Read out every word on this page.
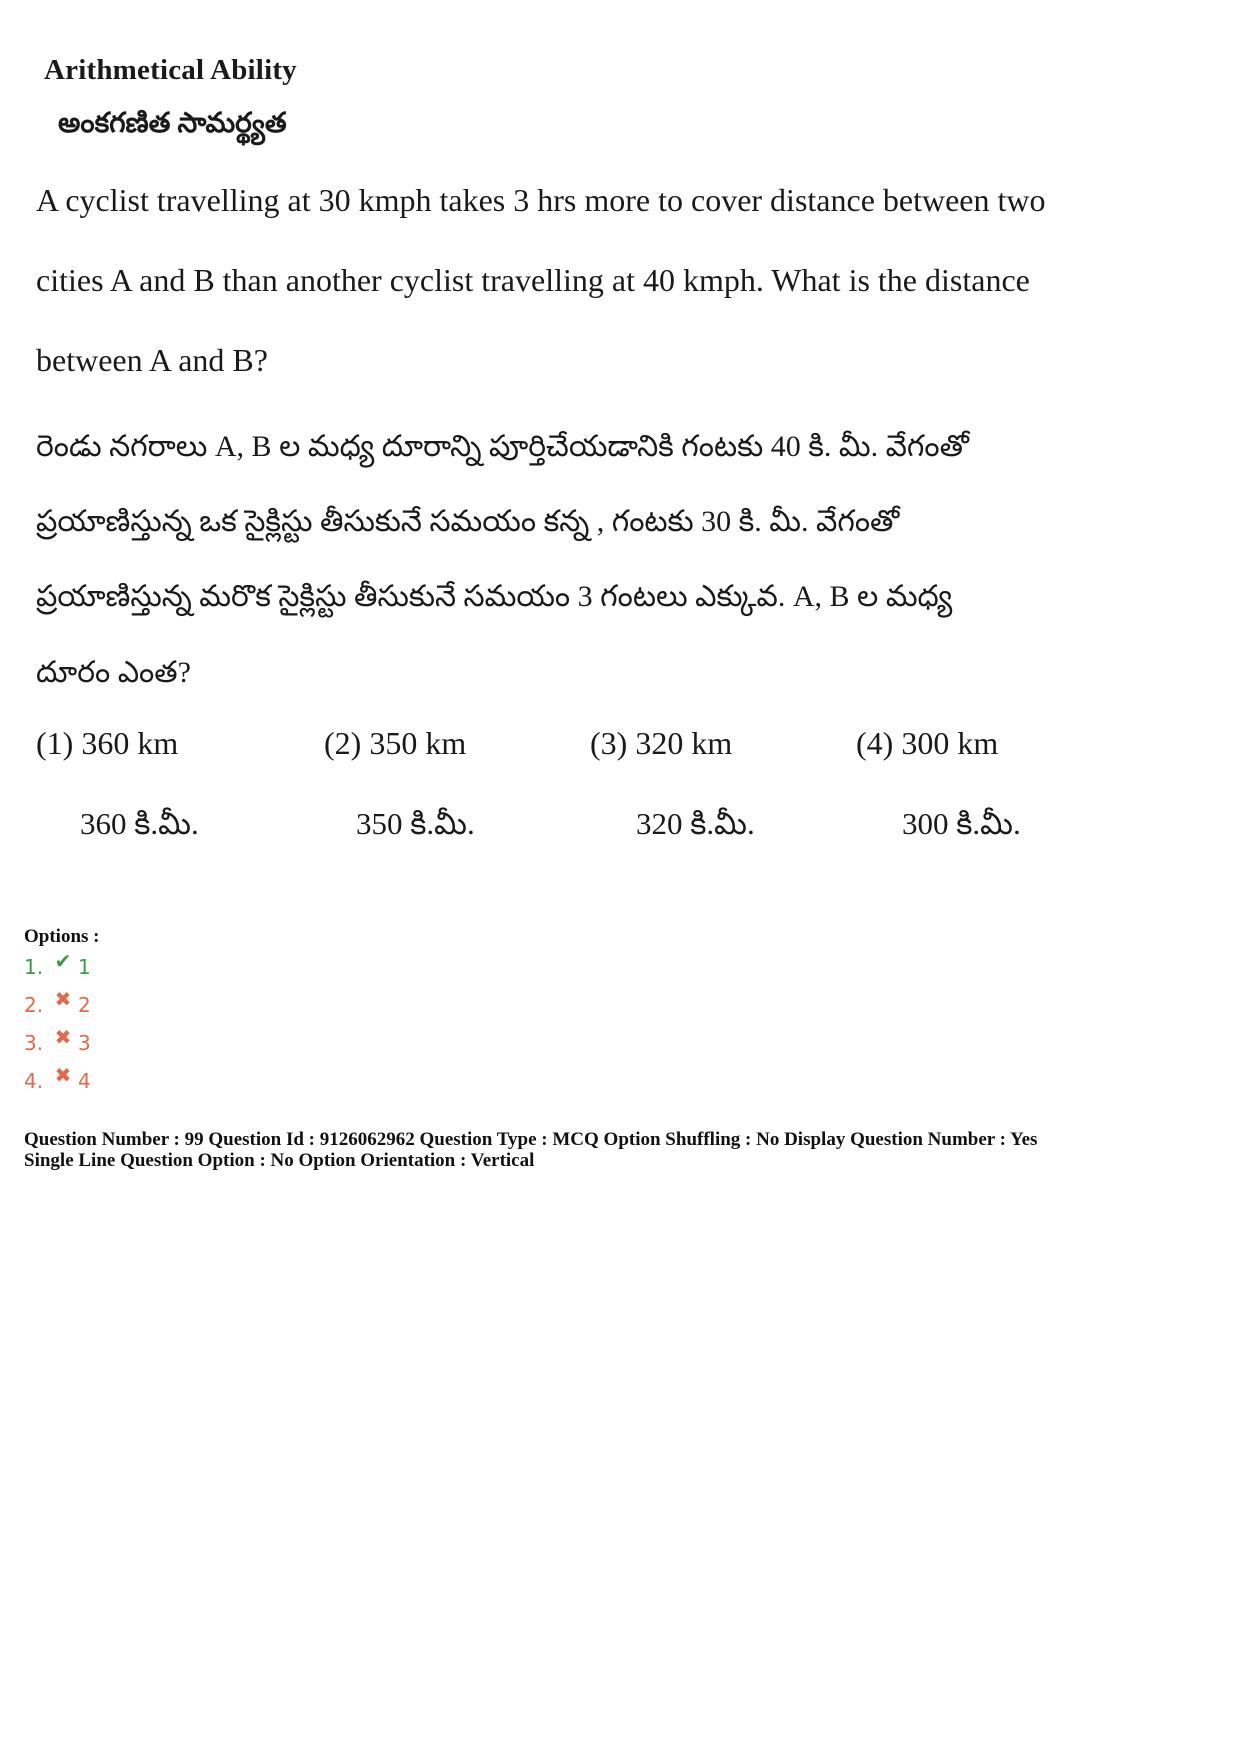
Arithmetical Ability
అంకగణిత సామర్థ్యత
A cyclist travelling at 30 kmph takes 3 hrs more to cover distance between two
cities A and B than another cyclist travelling at 40 kmph. What is the distance
between A and B?
రెండు నగరాలు A, B ల మధ్య దూరాన్ని పూర్తిచేయడానికి గంటకు 40 కి. మీ. వేగంతో
ప్రయాణిస్తున్న ఒక సైక్లిస్టు తీసుకునే సమయం కన్న , గంటకు 30 కి. మీ. వేగంతో
ప్రయాణిస్తున్న మరొక సైక్లిస్టు తీసుకునే సమయం 3 గంటలు ఎక్కువ. A, B ల మధ్య
దూరం ఎంత?
(1) 360 km	(2) 350 km	(3) 320 km	(4) 300 km
360 కి.మీ.	350 కి.మీ.	320 కి.మీ.	300 కి.మీ.
Options :
1. ✔ 1
2. ✖ 2
3. ✖ 3
4. ✖ 4
Question Number : 99 Question Id : 9126062962 Question Type : MCQ Option Shuffling : No Display Question Number : Yes
Single Line Question Option : No Option Orientation : Vertical
